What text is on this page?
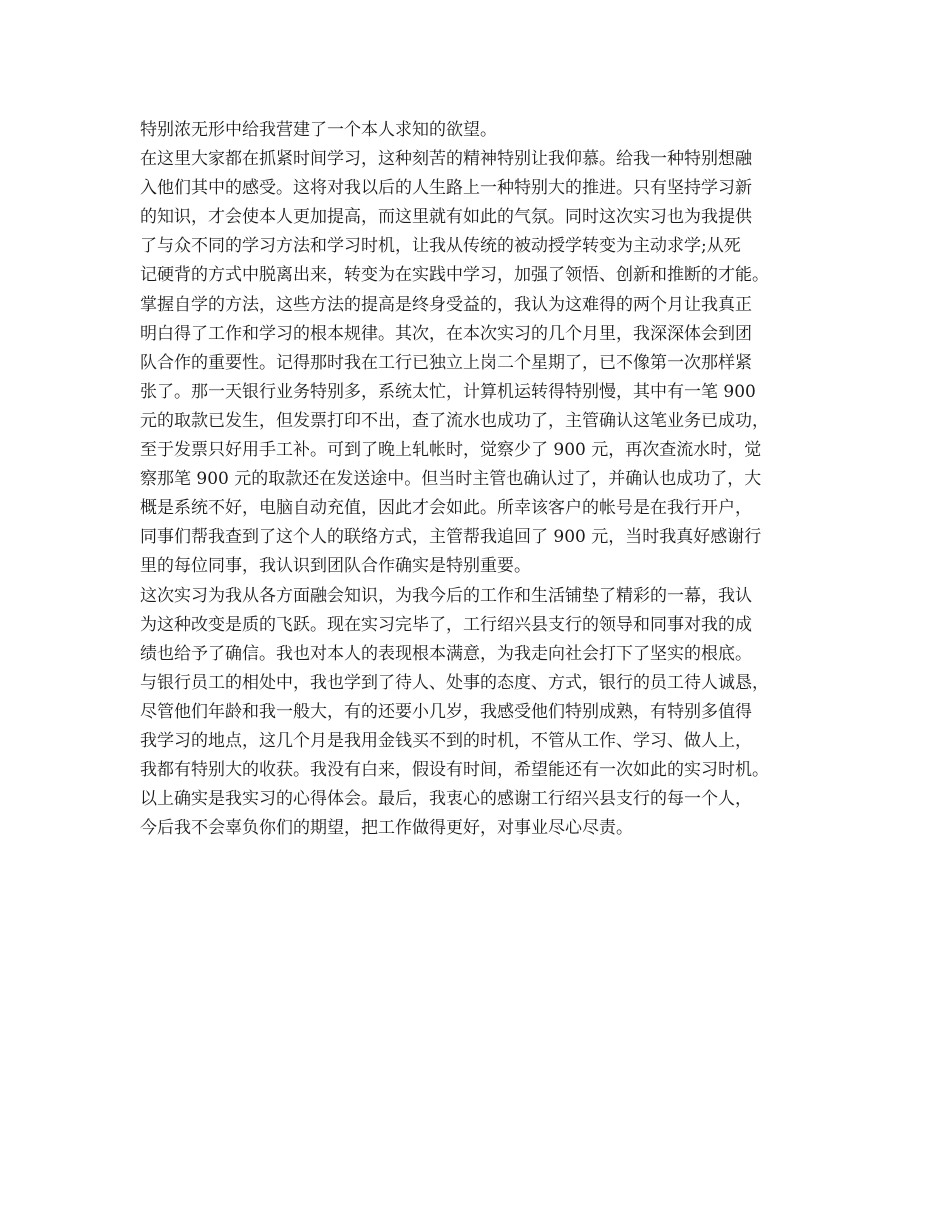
特别浓无形中给我营建了一个本人求知的欲望。
在这里大家都在抓紧时间学习，这种刻苦的精神特别让我仰慕。给我一种特别想融
入他们其中的感受。这将对我以后的人生路上一种特别大的推进。只有坚持学习新
的知识，才会使本人更加提高，而这里就有如此的气氛。同时这次实习也为我提供
了与众不同的学习方法和学习时机，让我从传统的被动授学转变为主动求学;从死
记硬背的方式中脱离出来，转变为在实践中学习，加强了领悟、创新和推断的才能。
掌握自学的方法，这些方法的提高是终身受益的，我认为这难得的两个月让我真正
明白得了工作和学习的根本规律。其次，在本次实习的几个月里，我深深体会到团
队合作的重要性。记得那时我在工行已独立上岗二个星期了，已不像第一次那样紧
张了。那一天银行业务特别多，系统太忙，计算机运转得特别慢，其中有一笔 900
元的取款已发生，但发票打印不出，查了流水也成功了，主管确认这笔业务已成功，
至于发票只好用手工补。可到了晚上轧帐时，觉察少了 900 元，再次查流水时，觉
察那笔 900 元的取款还在发送途中。但当时主管也确认过了，并确认也成功了，大
概是系统不好，电脑自动充值，因此才会如此。所幸该客户的帐号是在我行开户，
同事们帮我查到了这个人的联络方式，主管帮我追回了 900 元，当时我真好感谢行
里的每位同事，我认识到团队合作确实是特别重要。
这次实习为我从各方面融会知识，为我今后的工作和生活铺垫了精彩的一幕，我认
为这种改变是质的飞跃。现在实习完毕了，工行绍兴县支行的领导和同事对我的成
绩也给予了确信。我也对本人的表现根本满意，为我走向社会打下了坚实的根底。
与银行员工的相处中，我也学到了待人、处事的态度、方式，银行的员工待人诚恳，
尽管他们年龄和我一般大，有的还要小几岁，我感受他们特别成熟，有特别多值得
我学习的地点，这几个月是我用金钱买不到的时机，不管从工作、学习、做人上，
我都有特别大的收获。我没有白来，假设有时间，希望能还有一次如此的实习时机。
以上确实是我实习的心得体会。最后，我衷心的感谢工行绍兴县支行的每一个人，
今后我不会辜负你们的期望，把工作做得更好，对事业尽心尽责。
